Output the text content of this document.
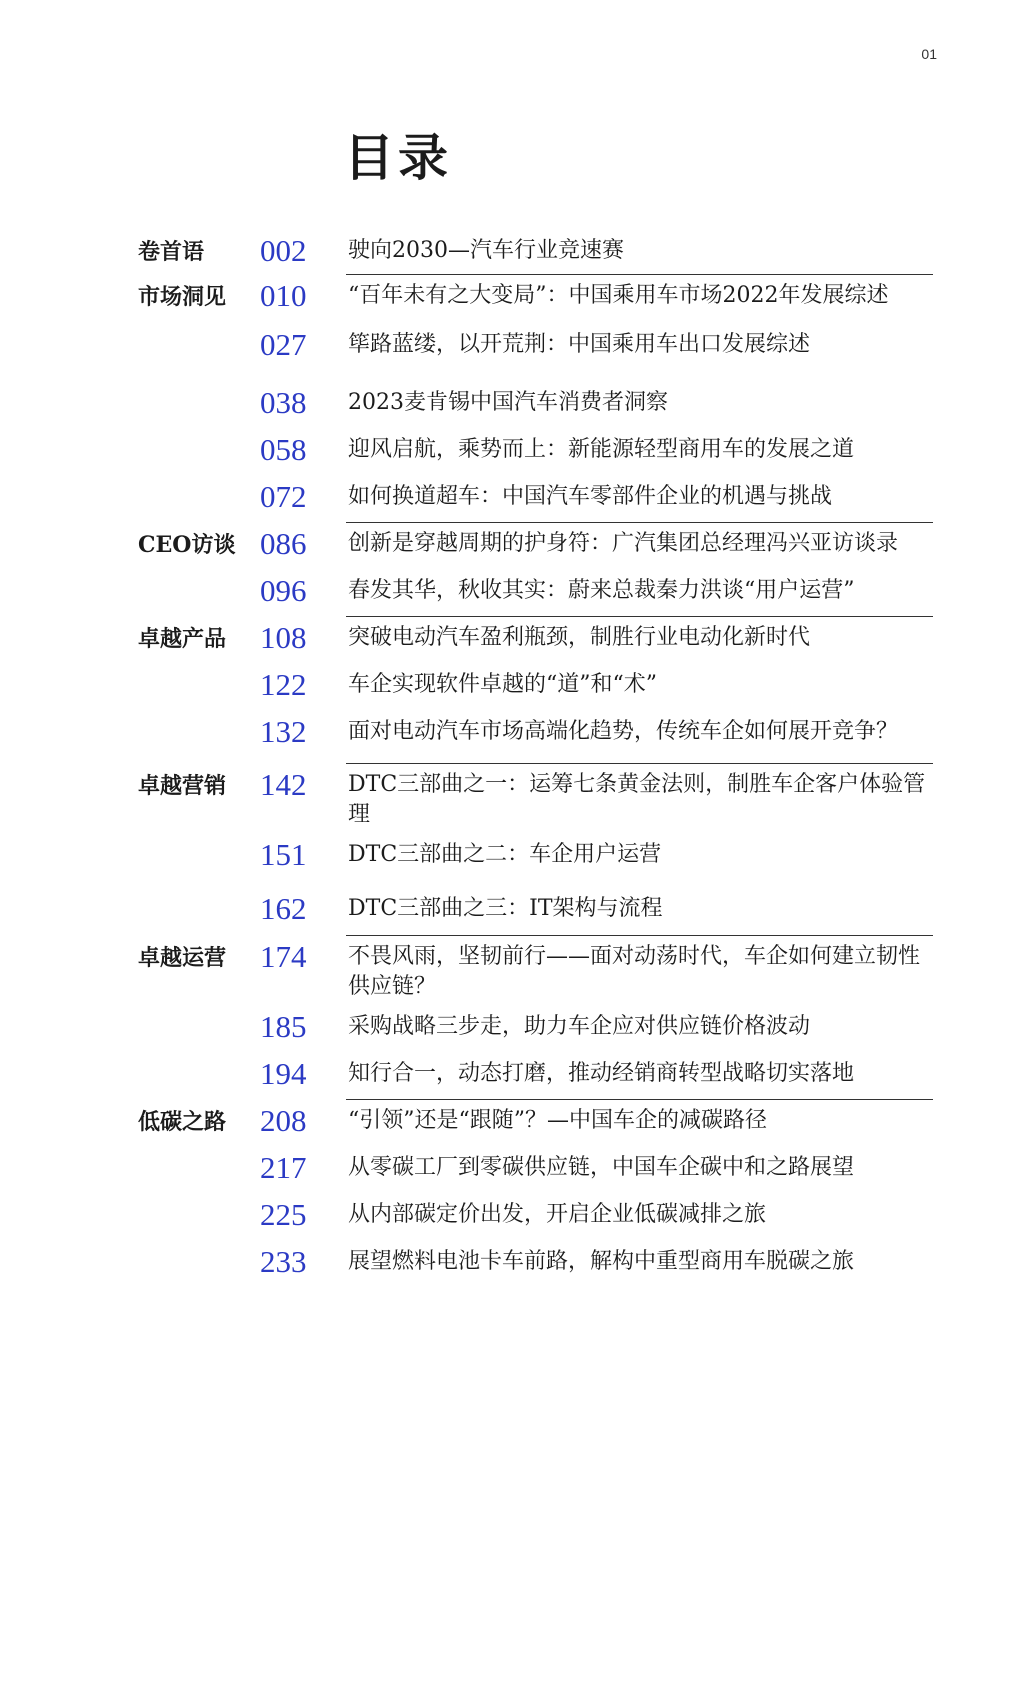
01
目录
卷首语	002	驶向2030—汽车行业竞速赛
市场洞见	010	“百年未有之大变局”：中国乘用车市场2022年发展综述
027	筚路蓝缕，以开荒荆：中国乘用车出口发展综述
038	2023麦肯锡中国汽车消费者洞察
058	迎风启航，乘势而上：新能源轻型商用车的发展之道
072	如何换道超车：中国汽车零部件企业的机遇与挑战
CEO访谈 086	创新是穿越周期的护身符：广汽集团总经理冯兴亚访谈录
096	春发其华，秋收其实：蔚来总裁秦力洪谈“用户运营”
卓越产品	108	突破电动汽车盈利瓶颈，制胜行业电动化新时代
122	车企实现软件卓越的“道”和“术”
132	面对电动汽车市场高端化趋势，传统车企如何展开竞争？
卓越营销	142	DTC三部曲之一：运筹七条黄金法则，制胜车企客户体验管理
151	DTC三部曲之二：车企用户运营
162	DTC三部曲之三：IT架构与流程
卓越运营	174	不畏风雨，坚韧前行——面对动荡时代，车企如何建立韧性供应链？
185	采购战略三步走，助力车企应对供应链价格波动
194	知行合一，动态打磨，推动经销商转型战略切实落地
低碳之路	208	“引领”还是“跟随”？—中国车企的减碳路径
217	从零碳工厂到零碳供应链，中国车企碳中和之路展望
225	从内部碳定价出发，开启企业低碳减排之旅
233	展望燃料电池卡车前路，解构中重型商用车脱碳之旅
